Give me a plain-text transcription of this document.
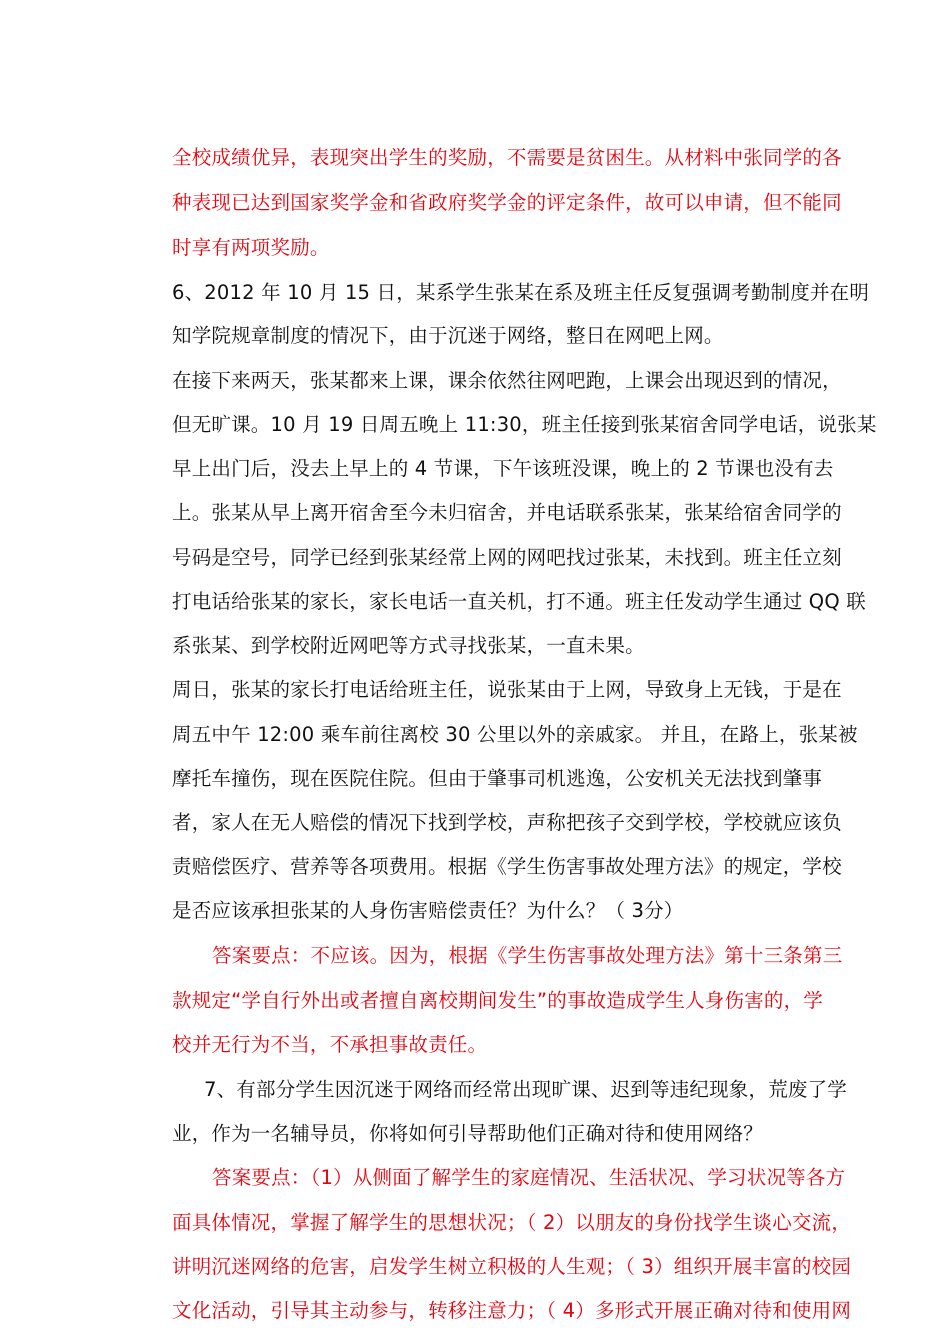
全校成绩优异，表现突出学生的奖励，不需要是贫困生。从材料中张同学的各
种表现已达到国家奖学金和省政府奖学金的评定条件，故可以申请，但不能同
时享有两项奖励。
6、2012 年 10 月 15 日，某系学生张某在系及班主任反复强调考勤制度并在明
知学院规章制度的情况下，由于沉迷于网络，整日在网吧上网。
在接下来两天，张某都来上课，课余依然往网吧跑，上课会出现迟到的情况，
但无旷课。10 月 19 日周五晚上 11:30，班主任接到张某宿舍同学电话，说张某
早上出门后，没去上早上的 4 节课，下午该班没课，晚上的 2 节课也没有去
上。张某从早上离开宿舍至今未归宿舍，并电话联系张某，张某给宿舍同学的
号码是空号，同学已经到张某经常上网的网吧找过张某，未找到。班主任立刻
打电话给张某的家长，家长电话一直关机，打不通。班主任发动学生通过 QQ 联
系张某、到学校附近网吧等方式寻找张某，一直未果。
周日，张某的家长打电话给班主任，说张某由于上网，导致身上无钱，于是在
周五中午 12:00 乘车前往离校 30 公里以外的亲戚家。 并且，在路上，张某被
摩托车撞伤，现在医院住院。但由于肇事司机逃逸，公安机关无法找到肇事
者，家人在无人赔偿的情况下找到学校，声称把孩子交到学校，学校就应该负
责赔偿医疗、营养等各项费用。根据《学生伤害事故处理方法》的规定，学校
是否应该承担张某的人身伤害赔偿责任？为什么？（ 3分）
答案要点：不应该。因为，根据《学生伤害事故处理方法》第十三条第三
款规定“学自行外出或者擅自离校期间发生”的事故造成学生人身伤害的，学
校并无行为不当，不承担事故责任。
7、有部分学生因沉迷于网络而经常出现旷课、迟到等违纪现象，荒废了学
业，作为一名辅导员，你将如何引导帮助他们正确对待和使用网络？
答案要点：（1）从侧面了解学生的家庭情况、生活状况、学习状况等各方
面具体情况，掌握了解学生的思想状况；（ 2）以朋友的身份找学生谈心交流，
讲明沉迷网络的危害，启发学生树立积极的人生观；（ 3）组织开展丰富的校园
文化活动，引导其主动参与，转移注意力；（ 4）多形式开展正确对待和使用网
